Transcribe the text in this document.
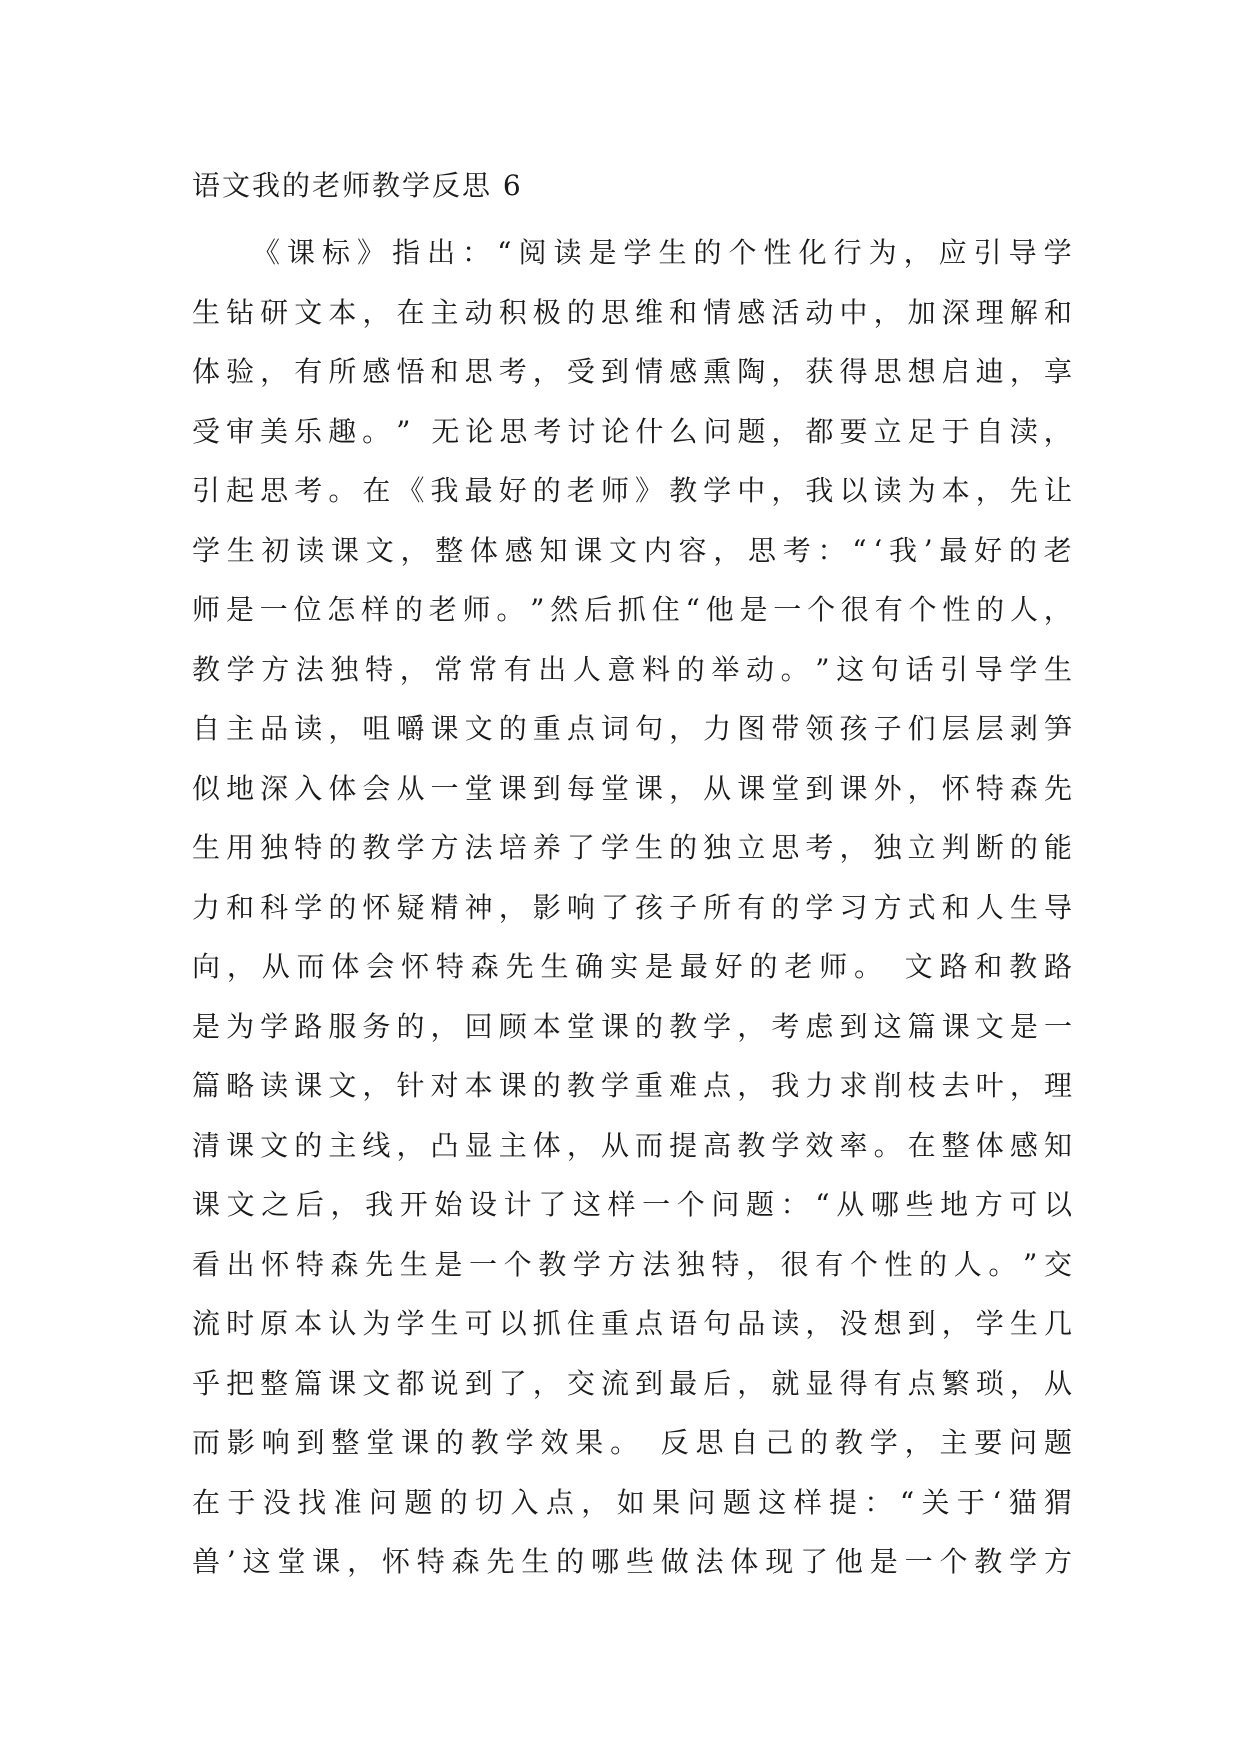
语文我的老师教学反思 6
《 课 标 》 指 出 ： “ 阅 读 是 学 生 的 个 性 化 行 为 ， 应 引 导 学
生 钻 研 文 本 ， 在 主 动 积 极 的 思 维 和 情 感 活 动 中 ， 加 深 理 解 和
体 验 ， 有 所 感 悟 和 思 考 ， 受 到 情 感 熏 陶 ， 获 得 思 想 启 迪 ， 享
受 审 美 乐 趣 。 ”
无 论 思 考 讨 论 什 么 问 题 ， 都 要 立 足 于 自 渎 ，
引 起 思 考 。 在 《 我 最 好 的 老 师 》 教 学 中 ， 我 以 读 为 本 ， 先 让
学 生 初 读 课 文 ， 整 体 感 知 课 文 内 容 ， 思 考 ： “ ‘ 我 ’ 最 好 的 老
师 是 一 位 怎 样 的 老 师 。 ” 然 后 抓 住 “ 他 是 一 个 很 有 个 性 的 人 ，
教 学 方 法 独 特 ， 常 常 有 出 人 意 料 的 举 动 。 ” 这 句 话 引 导 学 生
自 主 品 读 ， 咀 嚼 课 文 的 重 点 词 句 ， 力 图 带 领 孩 子 们 层 层 剥 笋
似 地 深 入 体 会 从 一 堂 课 到 每 堂 课 ， 从 课 堂 到 课 外 ， 怀 特 森 先
生 用 独 特 的 教 学 方 法 培 养 了 学 生 的 独 立 思 考 ， 独 立 判 断 的 能
力 和 科 学 的 怀 疑 精 神 ， 影 响 了 孩 子 所 有 的 学 习 方 式 和 人 生 导
向 ， 从 而 体 会 怀 特 森 先 生 确 实 是 最 好 的 老 师 。
文 路 和 教 路
是 为 学 路 服 务 的 ， 回 顾 本 堂 课 的 教 学 ， 考 虑 到 这 篇 课 文 是 一
篇 略 读 课 文 ， 针 对 本 课 的 教 学 重 难 点 ， 我 力 求 削 枝 去 叶 ， 理
清 课 文 的 主 线 ， 凸 显 主 体 ， 从 而 提 高 教 学 效 率 。 在 整 体 感 知
课 文 之 后 ， 我 开 始 设 计 了 这 样 一 个 问 题 ： “ 从 哪 些 地 方 可 以
看 出 怀 特 森 先 生 是 一 个 教 学 方 法 独 特 ， 很 有 个 性 的 人 。 ” 交
流 时 原 本 认 为 学 生 可 以 抓 住 重 点 语 句 品 读 ， 没 想 到 ， 学 生 几
乎 把 整 篇 课 文 都 说 到 了 ， 交 流 到 最 后 ， 就 显 得 有 点 繁 琐 ， 从
而 影 响 到 整 堂 课 的 教 学 效 果 。
反 思 自 己 的 教 学 ， 主 要 问 题
在 于 没 找 准 问 题 的 切 入 点 ， 如 果 问 题 这 样 提 ： “ 关 于 ‘ 猫 猬
兽 ’ 这 堂 课 ， 怀 特 森 先 生 的 哪 些 做 法 体 现 了 他 是 一 个 教 学 方
